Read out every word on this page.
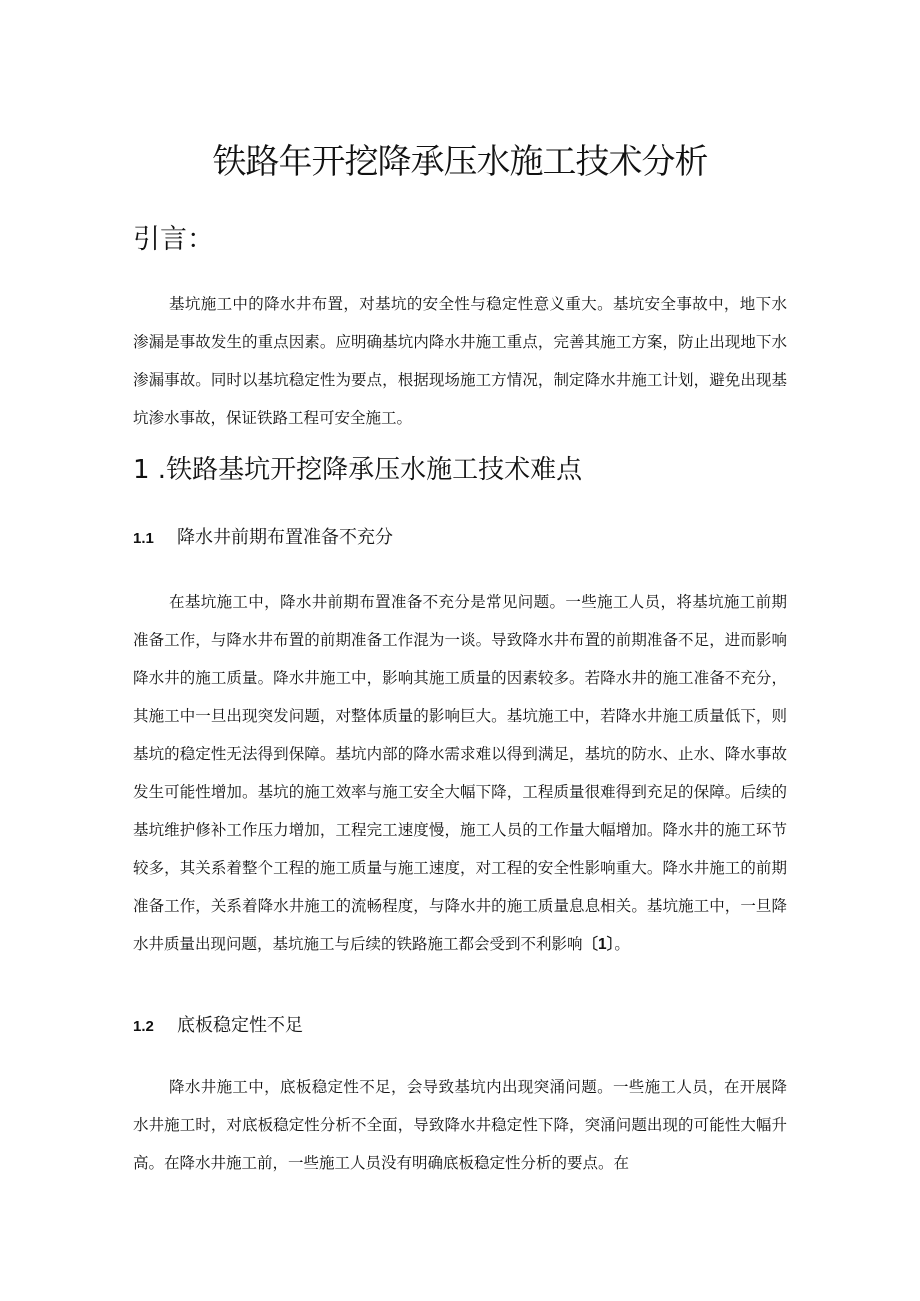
铁路年开挖降承压水施工技术分析
引言：

基坑施工中的降水井布置，对基坑的安全性与稳定性意义重大。基坑安全事故中，地下水渗漏是事故发生的重点因素。应明确基坑内降水井施工重点，完善其施工方案，防止出现地下水渗漏事故。同时以基坑稳定性为要点，根据现场施工方情况，制定降水井施工计划，避免出现基坑渗水事故，保证铁路工程可安全施工。

1 .铁路基坑开挖降承压水施工技术难点
1.1 降水井前期布置准备不充分

在基坑施工中，降水井前期布置准备不充分是常见问题。一些施工人员，将基坑施工前期准备工作，与降水井布置的前期准备工作混为一谈。导致降水井布置的前期准备不足，进而影响降水井的施工质量。降水井施工中，影响其施工质量的因素较多。若降水井的施工准备不充分，其施工中一旦出现突发问题，对整体质量的影响巨大。基坑施工中，若降水井施工质量低下，则基坑的稳定性无法得到保障。基坑内部的降水需求难以得到满足，基坑的防水、止水、降水事故发生可能性增加。基坑的施工效率与施工安全大幅下降，工程质量很难得到充足的保障。后续的基坑维护修补工作压力增加，工程完工速度慢，施工人员的工作量大幅增加。降水井的施工环节较多，其关系着整个工程的施工质量与施工速度，对工程的安全性影响重大。降水井施工的前期准备工作，关系着降水井施工的流畅程度，与降水井的施工质量息息相关。基坑施工中，一旦降水井质量出现问题，基坑施工与后续的铁路施工都会受到不利影响〔1〕。

1.2 底板稳定性不足

降水井施工中，底板稳定性不足，会导致基坑内出现突涌问题。一些施工人员，在开展降水井施工时，对底板稳定性分析不全面，导致降水井稳定性下降，突涌问题出现的可能性大幅升高。在降水井施工前，一些施工人员没有明确底板稳定性分析的要点。在
